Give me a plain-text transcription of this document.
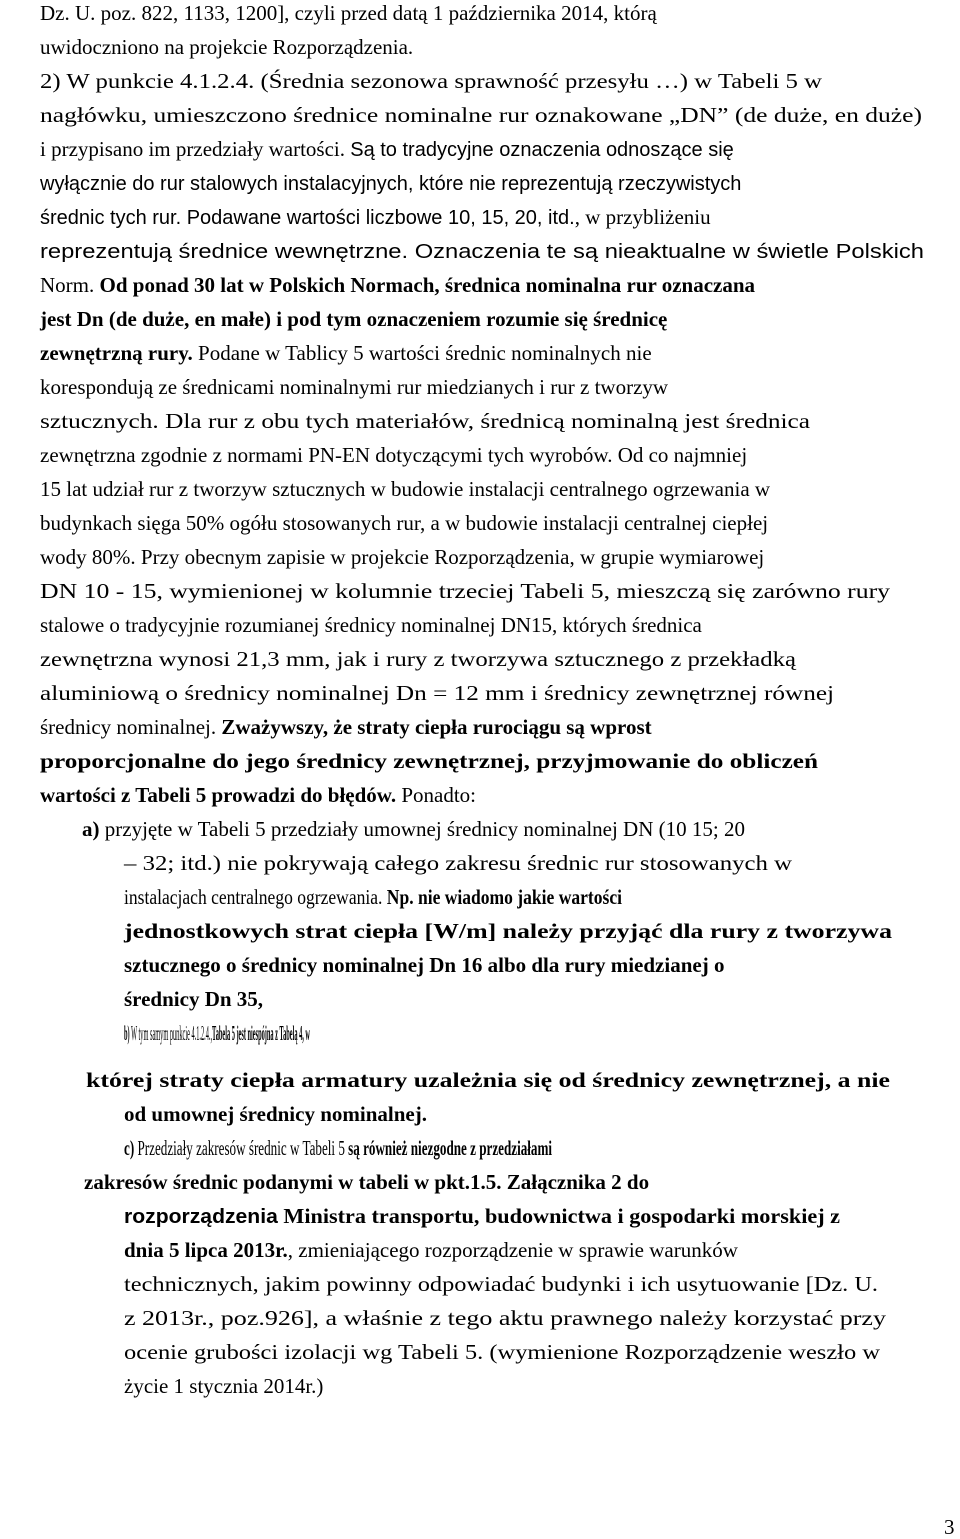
Dz. U. poz. 822, 1133, 1200], czyli przed datą 1 października 2014, którą

uwidoczniono na projekcie Rozporządzenia.

2) W punkcie 4.1.2.4. (Średnia sezonowa sprawność przesyłu …) w Tabeli 5 w

nagłówku, umieszczono średnice nominalne rur oznakowane „DN” (de duże, en duże)

i przypisano im przedziały wartości. Są to tradycyjne oznaczenia odnoszące się

wyłącznie do rur stalowych instalacyjnych, które nie reprezentują rzeczywistych

średnic tych rur. Podawane wartości liczbowe 10, 15, 20, itd., w przybliżeniu

reprezentują średnice wewnętrzne. Oznaczenia te są nieaktualne w świetle Polskich

Norm. Od ponad 30 lat w Polskich Normach, średnica nominalna rur oznaczana

jest Dn (de duże, en małe) i pod tym oznaczeniem rozumie się średnicę

zewnętrzną rury. Podane w Tablicy 5 wartości średnic nominalnych nie

korespondują ze średnicami nominalnymi rur miedzianych i rur z tworzyw

sztucznych. Dla rur z obu tych materiałów, średnicą nominalną jest średnica

zewnętrzna zgodnie z normami PN-EN dotyczącymi tych wyrobów. Od co najmniej

15 lat udział rur z tworzyw sztucznych w budowie instalacji centralnego ogrzewania w

budynkach sięga 50% ogółu stosowanych rur, a w budowie instalacji centralnej ciepłej

wody 80%. Przy obecnym zapisie w projekcie Rozporządzenia, w grupie wymiarowej

DN 10 - 15, wymienionej w kolumnie trzeciej Tabeli 5, mieszczą się zarówno rury

stalowe o tradycyjnie rozumianej średnicy nominalnej DN15, których średnica

zewnętrzna wynosi 21,3 mm, jak i rury z tworzywa sztucznego z przekładką

aluminiową o średnicy nominalnej Dn = 12 mm i średnicy zewnętrznej równej

średnicy nominalnej. Zważywszy, że straty ciepła rurociągu są wprost

proporcjonalne do jego średnicy zewnętrznej, przyjmowanie do obliczeń

wartości z Tabeli 5 prowadzi do błędów. Ponadto:

a) przyjęte w Tabeli 5 przedziały umownej średnicy nominalnej DN (10 15; 20

– 32; itd.) nie pokrywają całego zakresu średnic rur stosowanych w

instalacjach centralnego ogrzewania. Np. nie wiadomo jakie wartości

jednostkowych strat ciepła [W/m] należy przyjąć dla rury z tworzywa

sztucznego o średnicy nominalnej Dn 16 albo dla rury miedzianej o

średnicy Dn 35,

b) W tym samym punkcie 4.1.2.4.,Tabela 5 jest niespójna z Tabelą 4, w

której straty ciepła armatury uzależnia się od średnicy zewnętrznej, a nie

od umownej średnicy nominalnej.

c) Przedziały zakresów średnic w Tabeli 5 są również niezgodne z przedziałami

zakresów średnic podanymi w tabeli w pkt.1.5. Załącznika 2 do

rozporządzenia Ministra transportu, budownictwa i gospodarki morskiej z

dnia 5 lipca 2013r., zmieniającego rozporządzenie w sprawie warunków

technicznych, jakim powinny odpowiadać budynki i ich usytuowanie [Dz. U.

z 2013r., poz.926], a właśnie z tego aktu prawnego należy korzystać przy

ocenie grubości izolacji wg Tabeli 5. (wymienione Rozporządzenie weszło w

życie 1 stycznia 2014r.)

3
